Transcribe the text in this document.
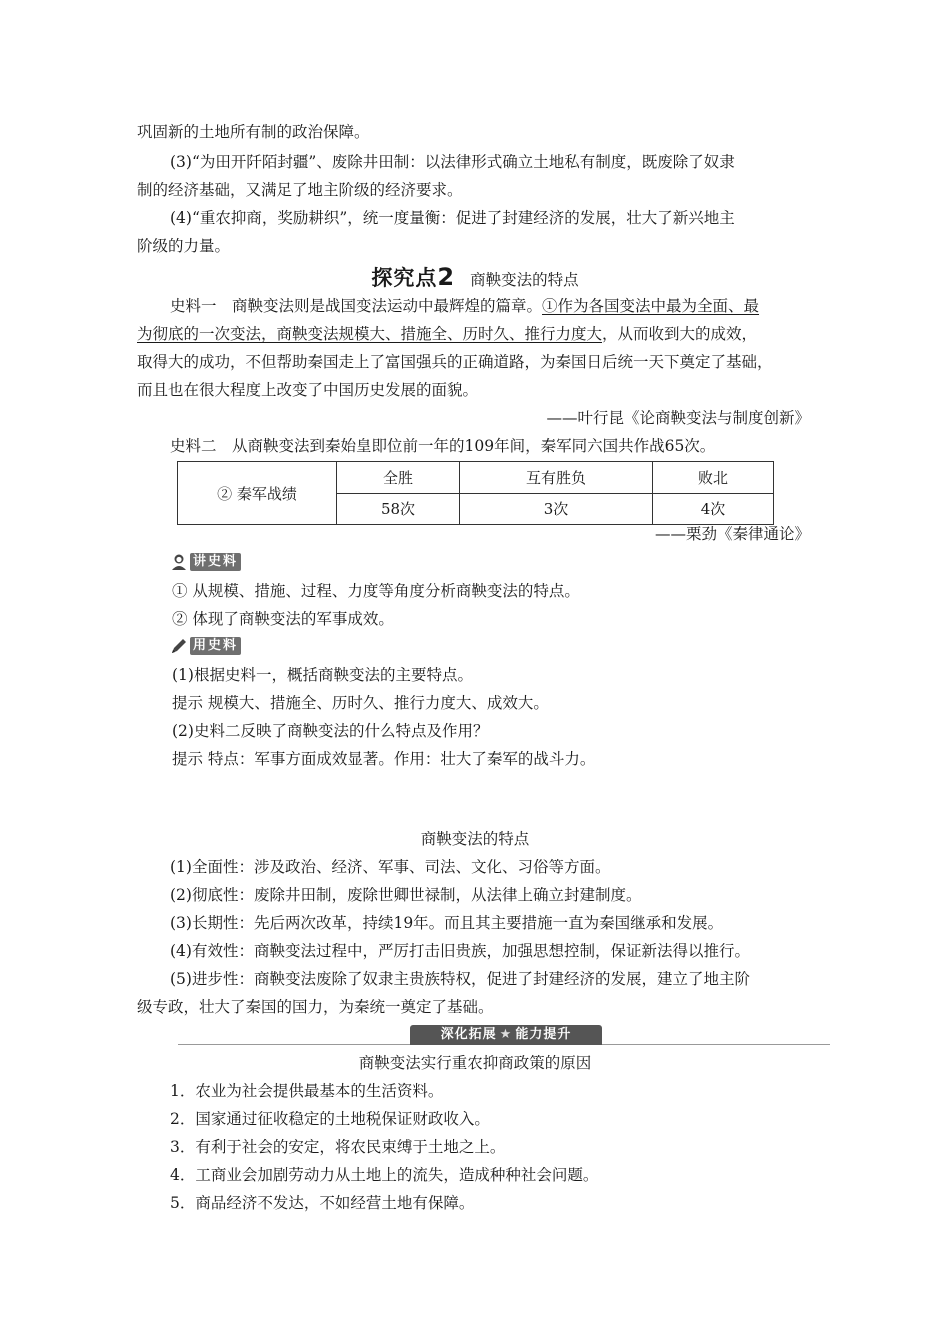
巩固新的土地所有制的政治保障。
(3)“为田开阡陌封疆”、废除井田制：以法律形式确立土地私有制度，既废除了奴隶
制的经济基础，又满足了地主阶级的经济要求。
(4)“重农抑商，奖励耕织”，统一度量衡：促进了封建经济的发展，壮大了新兴地主
阶级的力量。
探究点2 商鞅变法的特点
史料一　商鞅变法则是战国变法运动中最辉煌的篇章。①作为各国变法中最为全面、最
为彻底的一次变法，商鞅变法规模大、措施全、历时久、推行力度大，从而收到大的成效，
取得大的成功，不但帮助秦国走上了富国强兵的正确道路，为秦国日后统一天下奠定了基础，
而且也在很大程度上改变了中国历史发展的面貌。
——叶行昆《论商鞅变法与制度创新》
史料二　从商鞅变法到秦始皇即位前一年的109年间，秦军同六国共作战65次。
② 秦军战绩	全胜	互有胜负	败北
	58次	3次	4次
——栗劲《秦律通论》
讲史料
① 从规模、措施、过程、力度等角度分析商鞅变法的特点。
② 体现了商鞅变法的军事成效。
用史料
(1)根据史料一，概括商鞅变法的主要特点。
提示 规模大、措施全、历时久、推行力度大、成效大。
(2)史料二反映了商鞅变法的什么特点及作用？
提示 特点：军事方面成效显著。作用：壮大了秦军的战斗力。
商鞅变法的特点
(1)全面性：涉及政治、经济、军事、司法、文化、习俗等方面。
(2)彻底性：废除井田制，废除世卿世禄制，从法律上确立封建制度。
(3)长期性：先后两次改革，持续19年。而且其主要措施一直为秦国继承和发展。
(4)有效性：商鞅变法过程中，严厉打击旧贵族，加强思想控制，保证新法得以推行。
(5)进步性：商鞅变法废除了奴隶主贵族特权，促进了封建经济的发展，建立了地主阶
级专政，壮大了秦国的国力，为秦统一奠定了基础。
深化拓展 ★ 能力提升
商鞅变法实行重农抑商政策的原因
1．农业为社会提供最基本的生活资料。
2．国家通过征收稳定的土地税保证财政收入。
3．有利于社会的安定，将农民束缚于土地之上。
4．工商业会加剧劳动力从土地上的流失，造成种种社会问题。
5．商品经济不发达，不如经营土地有保障。
